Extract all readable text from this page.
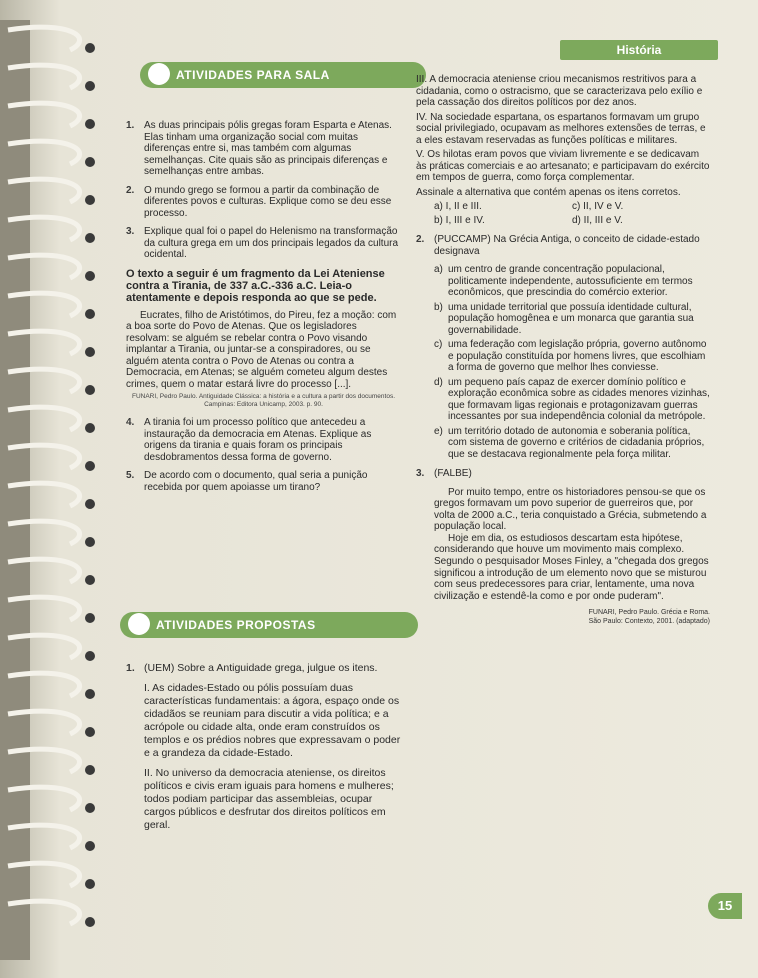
História
ATIVIDADES PARA SALA
1. As duas principais pólis gregas foram Esparta e Atenas. Elas tinham uma organização social com muitas diferenças entre si, mas também com algumas semelhanças. Cite quais são as principais diferenças e semelhanças entre ambas.
2. O mundo grego se formou a partir da combinação de diferentes povos e culturas. Explique como se deu esse processo.
3. Explique qual foi o papel do Helenismo na transformação da cultura grega em um dos principais legados da cultura ocidental.
O texto a seguir é um fragmento da Lei Ateniense contra a Tirania, de 337 a.C.-336 a.C. Leia-o atentamente e depois responda ao que se pede.

Eucrates, filho de Aristótimos, do Pireu, fez a moção: com a boa sorte do Povo de Atenas. Que os legisladores resolvam: se alguém se rebelar contra o Povo visando implantar a Tirania, ou juntar-se a conspiradores, ou se alguém atenta contra o Povo de Atenas ou contra a Democracia, em Atenas; se alguém cometeu algum destes crimes, quem o matar estará livre do processo [...].

FUNARI, Pedro Paulo. Antiguidade Clássica: a história e a cultura a partir dos documentos. Campinas: Editora Unicamp, 2003. p. 90.
4. A tirania foi um processo político que antecedeu a instauração da democracia em Atenas. Explique as origens da tirania e quais foram os principais desdobramentos dessa forma de governo.
5. De acordo com o documento, qual seria a punição recebida por quem apoiasse um tirano?
ATIVIDADES PROPOSTAS
1. (UEM) Sobre a Antiguidade grega, julgue os itens.
I. As cidades-Estado ou pólis possuíam duas características fundamentais: a ágora, espaço onde os cidadãos se reuniam para discutir a vida política; e a acrópole ou cidade alta, onde eram construídos os templos e os prédios nobres que expressavam o poder e a grandeza da cidade-Estado.
II. No universo da democracia ateniense, os direitos políticos e civis eram iguais para homens e mulheres; todos podiam participar das assembleias, ocupar cargos públicos e desfrutar dos direitos políticos em geral.

III. A democracia ateniense criou mecanismos restritivos para a cidadania, como o ostracismo, que se caracterizava pelo exílio e pela cassação dos direitos políticos por dez anos.

IV. Na sociedade espartana, os espartanos formavam um grupo social privilegiado, ocupavam as melhores extensões de terras, e a eles estavam reservadas as funções políticas e militares.

V. Os hilotas eram povos que viviam livremente e se dedicavam às práticas comerciais e ao artesanato; e participavam do exército em tempos de guerra, como força complementar.

Assinale a alternativa que contém apenas os itens corretos.

a) I, II e III.	c) II, IV e V.
b) I, III e IV.	d) II, III e V.
2. (PUCCAMP) Na Grécia Antiga, o conceito de cidade-estado designava
a) um centro de grande concentração populacional, politicamente independente, autossuficiente em termos econômicos, que prescindia do comércio exterior.
b) uma unidade territorial que possuía identidade cultural, população homogênea e um monarca que garantia sua governabilidade.
c) uma federação com legislação própria, governo autônomo e população constituída por homens livres, que escolhiam a forma de governo que melhor lhes conviesse.
d) um pequeno país capaz de exercer domínio político e exploração econômica sobre as cidades menores vizinhas, que formavam ligas regionais e protagonizavam guerras incessantes por sua independência colonial da metrópole.
e) um território dotado de autonomia e soberania política, com sistema de governo e critérios de cidadania próprios, que se destacava regionalmente pela força militar.
3. (FALBE)

Por muito tempo, entre os historiadores pensou-se que os gregos formavam um povo superior de guerreiros que, por volta de 2000 a.C., teria conquistado a Grécia, submetendo a população local.

Hoje em dia, os estudiosos descartam esta hipótese, considerando que houve um movimento mais complexo. Segundo o pesquisador Moses Finley, a "chegada dos gregos significou a introdução de um elemento novo que se misturou com seus predecessores para criar, lentamente, uma nova civilização e estendê-la como e por onde puderam".

FUNARI, Pedro Paulo. Grécia e Roma.
São Paulo: Contexto, 2001. (adaptado)
15
